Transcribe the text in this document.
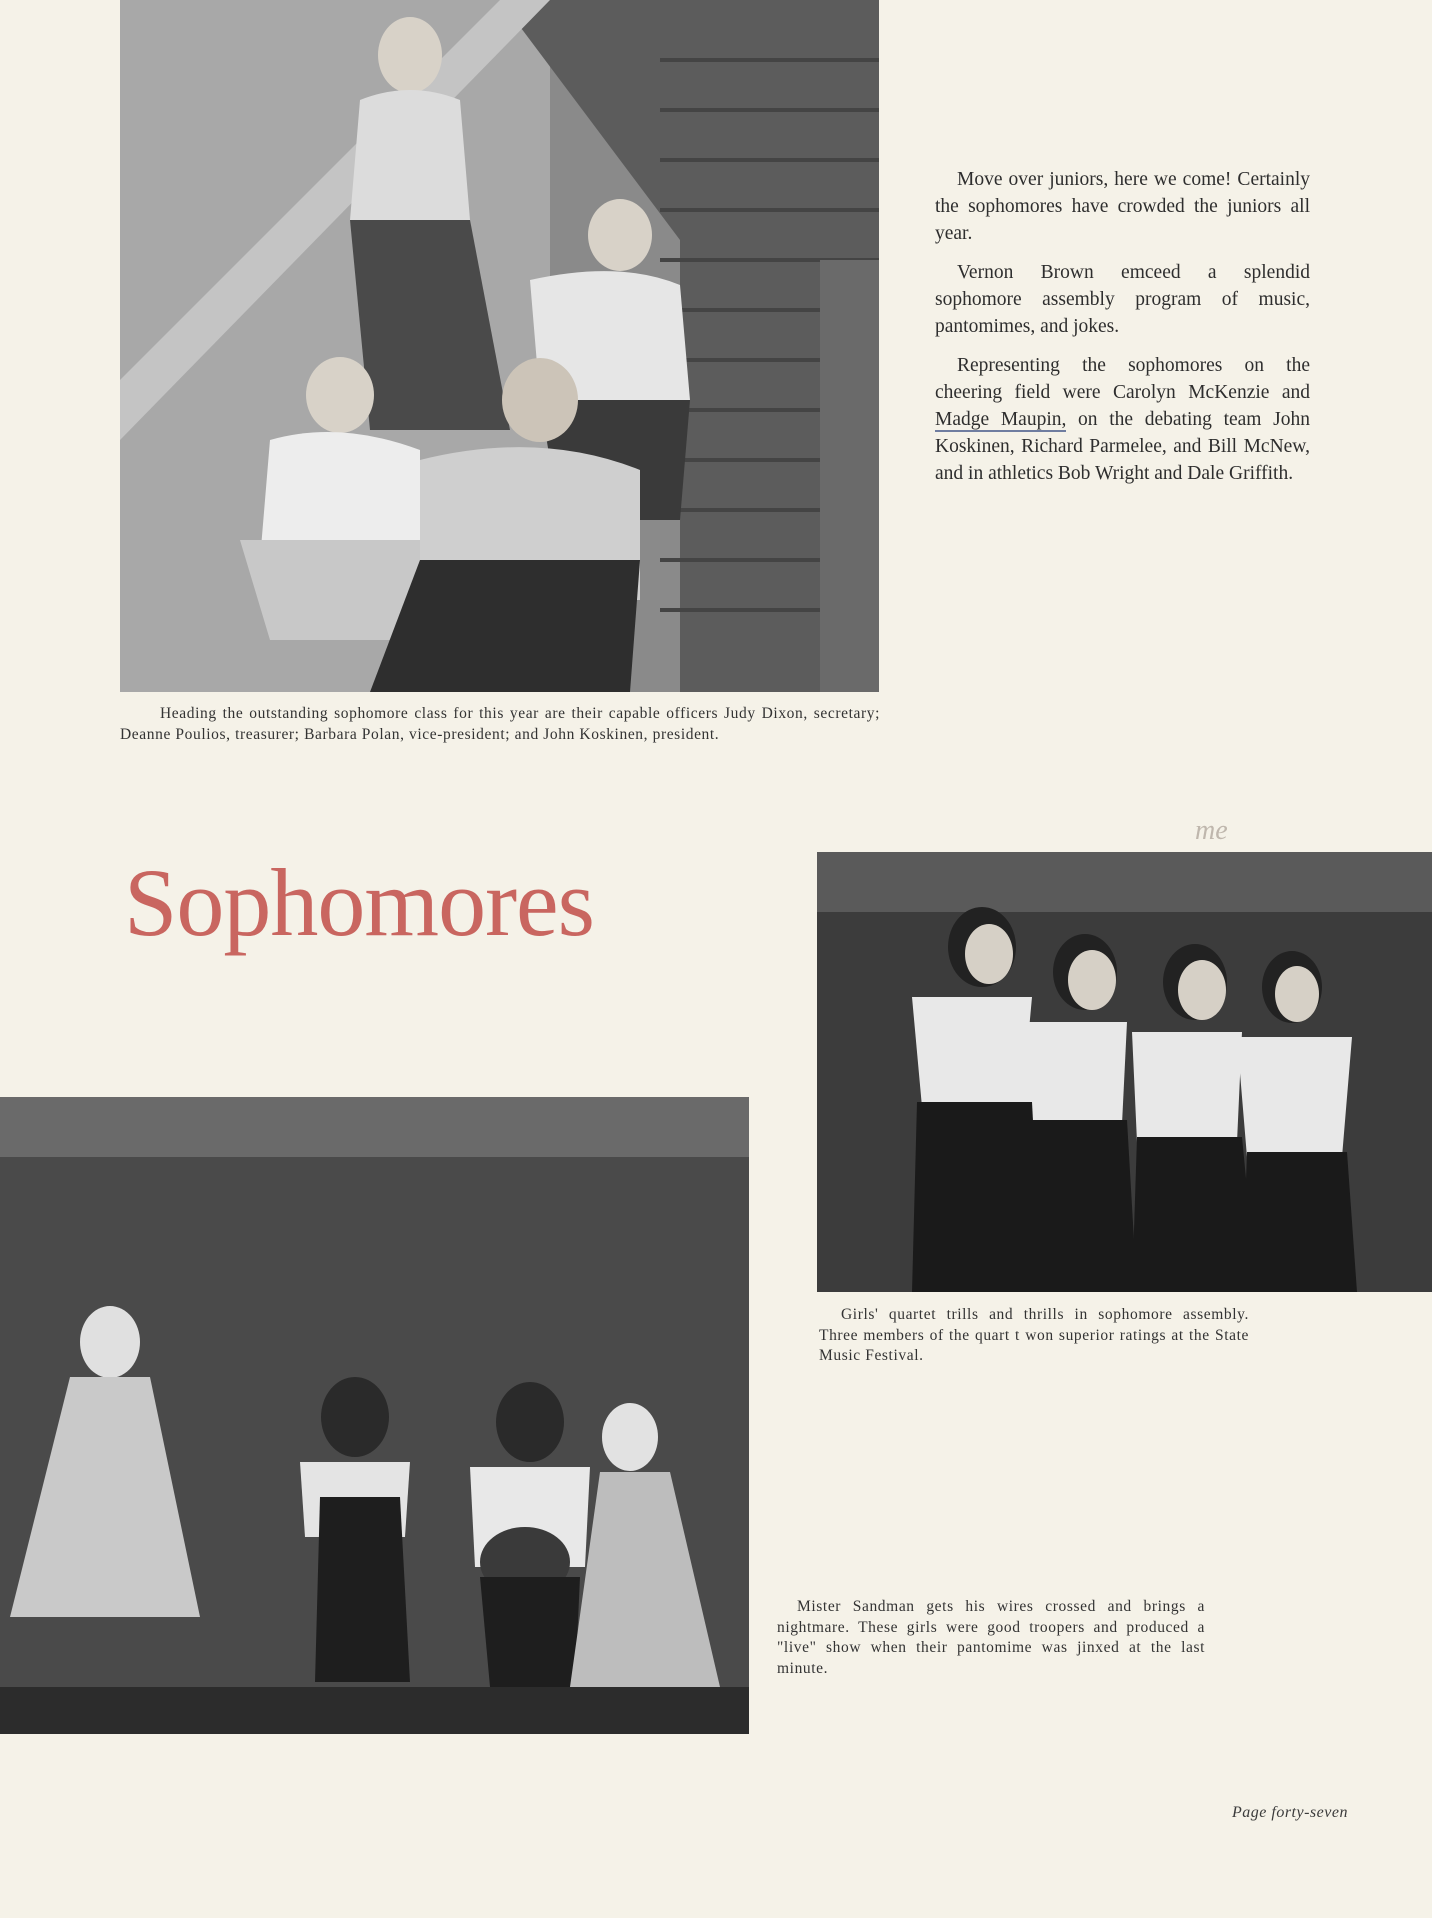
Move over juniors, here we come! Certainly the sophomores have crowded the juniors all year.

Vernon Brown emceed a splendid sophomore assembly program of music, pantomimes, and jokes.

Representing the sophomores on the cheering field were Carolyn McKenzie and Madge Maupin, on the debating team John Koskinen, Richard Parmelee, and Bill McNew, and in athletics Bob Wright and Dale Griffith.

Heading the outstanding sophomore class for this year are their capable officers Judy Dixon, secretary; Deanne Poulios, treasurer; Barbara Polan, vice-president; and John Koskinen, president.
Sophomores
me
Girls' quartet trills and thrills in sophomore assembly. Three members of the quart t won superior ratings at the State Music Festival.
Mister Sandman gets his wires crossed and brings a nightmare. These girls were good troopers and produced a "live" show when their pantomime was jinxed at the last minute.
Page forty-seven
